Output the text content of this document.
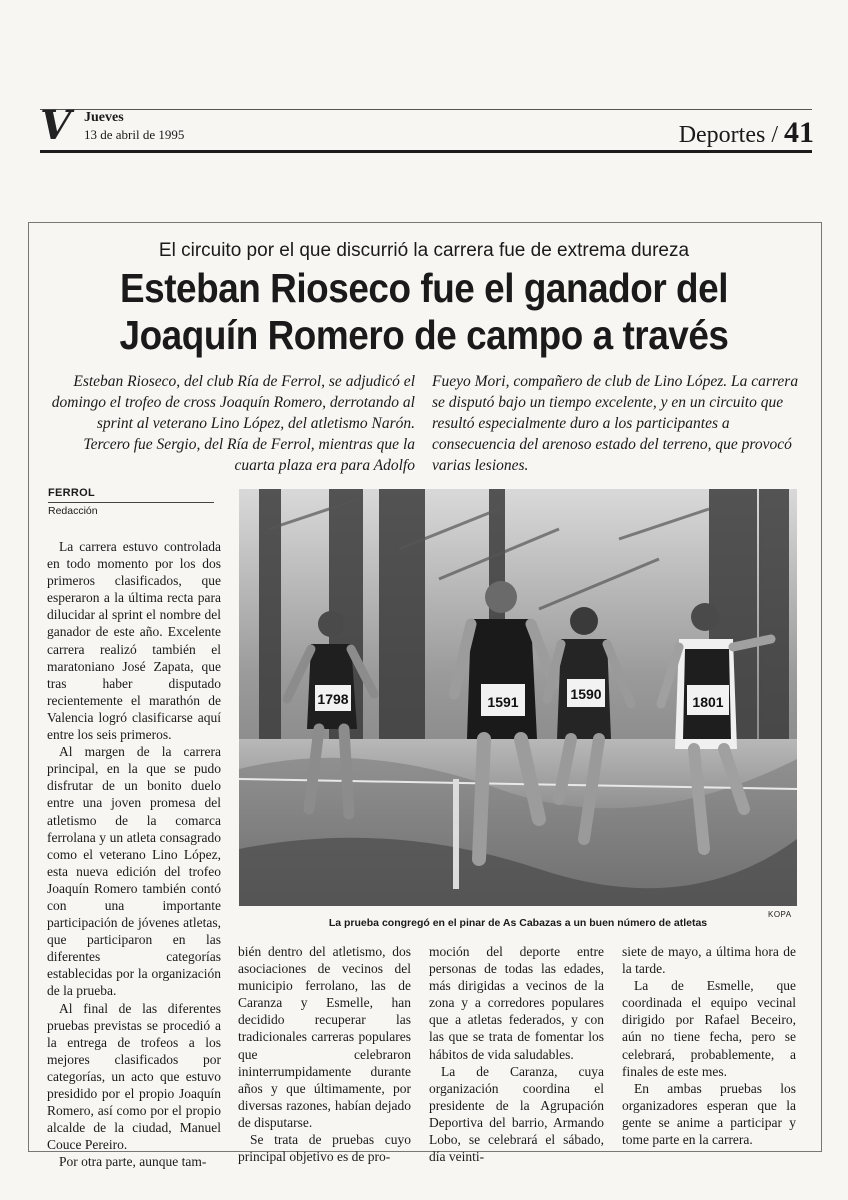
V Jueves
13 de abril de 1995	Deportes / 41
El circuito por el que discurrió la carrera fue de extrema dureza
Esteban Rioseco fue el ganador del
Joaquín Romero de campo a través
Esteban Rioseco, del club Ría de Ferrol, se adjudicó el domingo el trofeo de cross Joaquín Romero, derrotando al sprint al veterano Lino López, del atletismo Narón. Tercero fue Sergio, del Ría de Ferrol, mientras que la cuarta plaza era para Adolfo
Fueyo Mori, compañero de club de Lino López. La carrera se disputó bajo un tiempo excelente, y en un circuito que resultó especialmente duro a los participantes a consecuencia del arenoso estado del terreno, que provocó varias lesiones.
FERROL
Redacción

La carrera estuvo controlada en todo momento por los dos primeros clasificados, que esperaron a la última recta para dilucidar al sprint el nombre del ganador de este año. Excelente carrera realizó también el maratoniano José Zapata, que tras haber disputado recientemente el marathón de Valencia logró clasificarse aquí entre los seis primeros.

Al margen de la carrera principal, en la que se pudo disfrutar de un bonito duelo entre una joven promesa del atletismo de la comarca ferrolana y un atleta consagrado como el veterano Lino López, esta nueva edición del trofeo Joaquín Romero también contó con una importante participación de jóvenes atletas, que participaron en las diferentes categorías establecidas por la organización de la prueba.

Al final de las diferentes pruebas previstas se procedió a la entrega de trofeos a los mejores clasificados por categorías, un acto que estuvo presidido por el propio Joaquín Romero, así como por el propio alcalde de la ciudad, Manuel Couce Pereiro.

Por otra parte, aunque tam-

1798	1591	1590	1801
KOPA
La prueba congregó en el pinar de As Cabazas a un buen número de atletas

bién dentro del atletismo, dos asociaciones de vecinos del municipio ferrolano, las de Caranza y Esmelle, han decidido recuperar las tradicionales carreras populares que celebraron ininterrumpidamente durante años y que últimamente, por diversas razones, habían dejado de disputarse.

Se trata de pruebas cuyo principal objetivo es de pro-

moción del deporte entre personas de todas las edades, más dirigidas a vecinos de la zona y a corredores populares que a atletas federados, y con las que se trata de fomentar los hábitos de vida saludables.

La de Caranza, cuya organización coordina el presidente de la Agrupación Deportiva del barrio, Armando Lobo, se celebrará el sábado, día veinti-

siete de mayo, a última hora de la tarde.

La de Esmelle, que coordinada el equipo vecinal dirigido por Rafael Beceiro, aún no tiene fecha, pero se celebrará, probablemente, a finales de este mes.

En ambas pruebas los organizadores esperan que la gente se anime a participar y tome parte en la carrera.
